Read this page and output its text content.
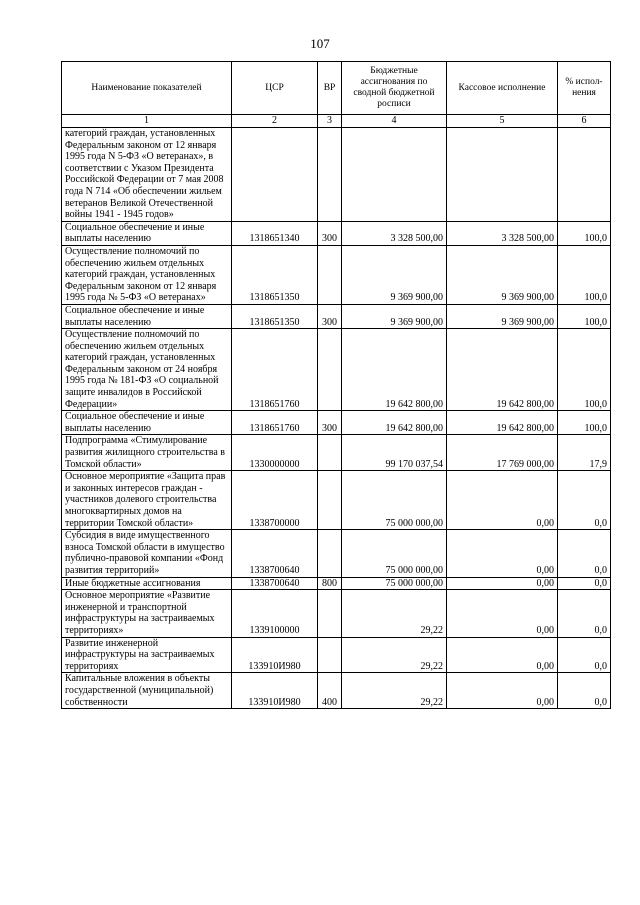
107
Наименование показателей	ЦСР	ВР	Бюджетные ассигнования по сводной бюджетной росписи	Кассовое исполнение	% испол-нения
1	2	3	4	5	6
категорий граждан, установленных Федеральным законом от 12 января 1995 года N 5-ФЗ «О ветеранах», в соответствии с Указом Президента Российской Федерации от 7 мая 2008 года N 714 «Об обеспечении жильем ветеранов Великой Отечественной войны 1941 - 1945 годов»					
Социальное обеспечение и иные выплаты населению	1318651340	300	3 328 500,00	3 328 500,00	100,0
Осуществление полномочий по обеспечению жильем отдельных категорий граждан, установленных Федеральным законом от 12 января 1995 года № 5-ФЗ «О ветеранах»	1318651350		9 369 900,00	9 369 900,00	100,0
Социальное обеспечение и иные выплаты населению	1318651350	300	9 369 900,00	9 369 900,00	100,0
Осуществление полномочий по обеспечению жильем отдельных категорий граждан, установленных Федеральным законом от 24 ноября 1995 года № 181-ФЗ «О социальной защите инвалидов в Российской Федерации»	1318651760		19 642 800,00	19 642 800,00	100,0
Социальное обеспечение и иные выплаты населению	1318651760	300	19 642 800,00	19 642 800,00	100,0
Подпрограмма «Стимулирование развития жилищного строительства в Томской области»	1330000000		99 170 037,54	17 769 000,00	17,9
Основное мероприятие «Защита прав и законных интересов граждан - участников долевого строительства многоквартирных домов на территории Томской области»	1338700000		75 000 000,00	0,00	0,0
Субсидия в виде имущественного взноса Томской области в имущество публично-правовой компании «Фонд развития территорий»	1338700640		75 000 000,00	0,00	0,0
Иные бюджетные ассигнования	1338700640	800	75 000 000,00	0,00	0,0
Основное мероприятие «Развитие инженерной и транспортной инфраструктуры на застраиваемых территориях»	1339100000		29,22	0,00	0,0
Развитие инженерной инфраструктуры на застраиваемых территориях	133910И980		29,22	0,00	0,0
Капитальные вложения в объекты государственной (муниципальной) собственности	133910И980	400	29,22	0,00	0,0
